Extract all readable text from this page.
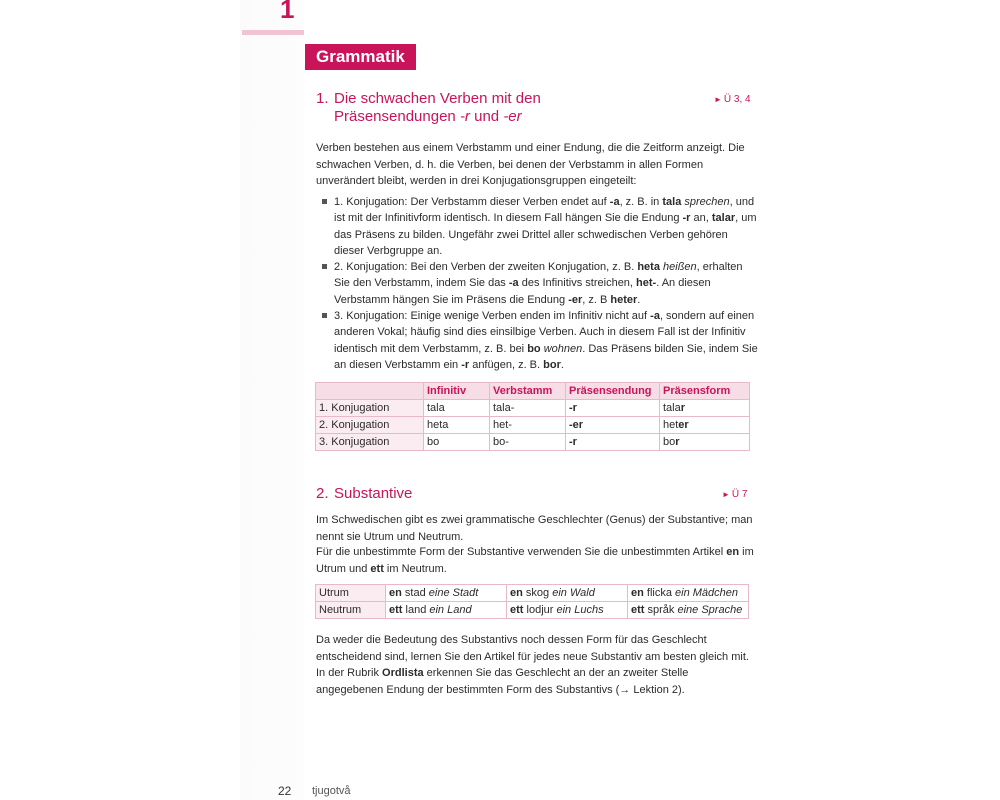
1
Grammatik
1. Die schwachen Verben mit den
Präsensendungen -r und -er
► Ü 3, 4

Verben bestehen aus einem Verbstamm und einer Endung, die die Zeitform anzeigt. Die schwachen Verben, d. h. die Verben, bei denen der Verbstamm in allen Formen unverändert bleibt, werden in drei Konjugationsgruppen eingeteilt:

1. Konjugation: Der Verbstamm dieser Verben endet auf -a, z. B. in tala sprechen, und ist mit der Infinitivform identisch. In diesem Fall hängen Sie die Endung -r an, talar, um das Präsens zu bilden. Ungefähr zwei Drittel aller schwedischen Verben gehören dieser Verbgruppe an.
2. Konjugation: Bei den Verben der zweiten Konjugation, z. B. heta heißen, erhalten Sie den Verbstamm, indem Sie das -a des Infinitivs streichen, het-. An diesen Verbstamm hängen Sie im Präsens die Endung -er, z. B heter.
3. Konjugation: Einige wenige Verben enden im Infinitiv nicht auf -a, sondern auf einen anderen Vokal; häufig sind dies einsilbige Verben. Auch in diesem Fall ist der Infinitiv identisch mit dem Verbstamm, z. B. bei bo wohnen. Das Präsens bilden Sie, indem Sie an diesen Verbstamm ein -r anfügen, z. B. bor.
	Infinitiv	Verbstamm	Präsensendung	Präsensform
1. Konjugation	tala	tala-	-r	talar
2. Konjugation	heta	het-	-er	heter
3. Konjugation	bo	bo-	-r	bor
2. Substantive	► Ü 7

Im Schwedischen gibt es zwei grammatische Geschlechter (Genus) der Substantive; man nennt sie Utrum und Neutrum.

Für die unbestimmte Form der Substantive verwenden Sie die unbestimmten Artikel en im Utrum und ett im Neutrum.

Utrum	en stad eine Stadt	en skog ein Wald	en flicka ein Mädchen
Neutrum	ett land ein Land	ett lodjur ein Luchs	ett språk eine Sprache

Da weder die Bedeutung des Substantivs noch dessen Form für das Geschlecht entscheidend sind, lernen Sie den Artikel für jedes neue Substantiv am besten gleich mit. In der Rubrik Ordlista erkennen Sie das Geschlecht an der an zweiter Stelle angegebenen Endung der bestimmten Form des Substantivs (→ Lektion 2).

22 tjugotvå
